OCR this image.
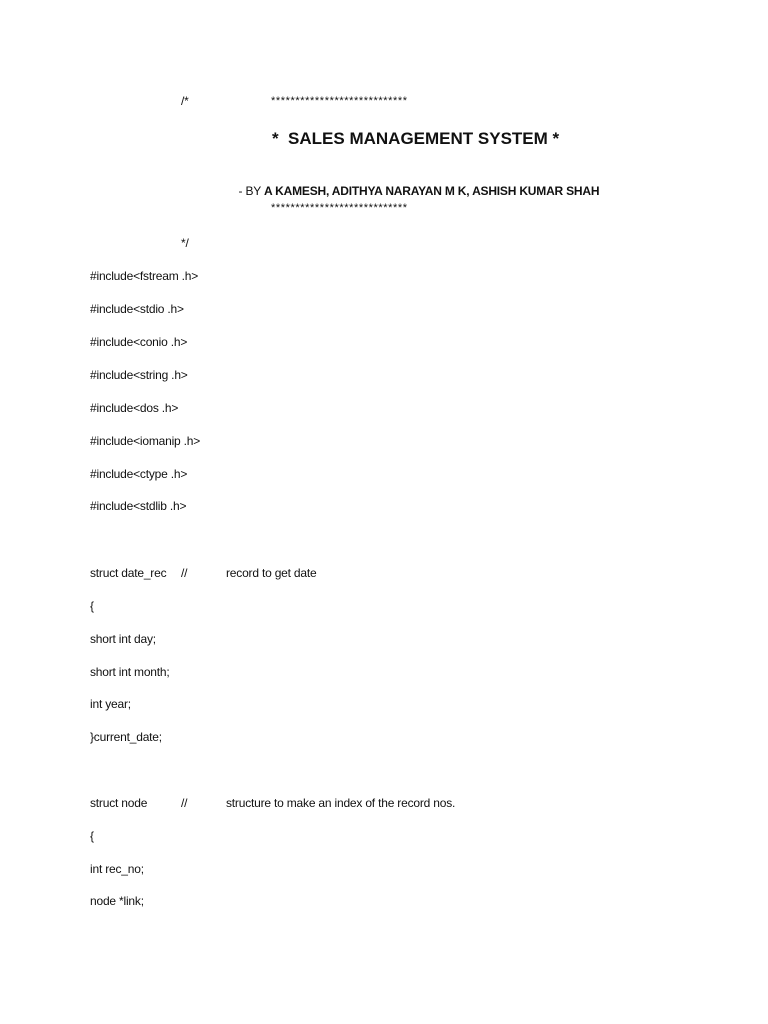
/*	****************************
*  SALES MANAGEMENT SYSTEM *

- BY A KAMESH, ADITHYA NARAYAN M K, ASHISH KUMAR SHAH

****************************
*/
#include<fstream .h>
#include<stdio .h>
#include<conio .h>
#include<string .h>
#include<dos .h>
#include<iomanip .h>
#include<ctype .h>
#include<stdlib .h>
struct date_rec //	record to get date
{
short int day;
short int month;
int year;
}current_date;
struct node	//	structure to make an index of the record nos.
{
int rec_no;
node *link;
